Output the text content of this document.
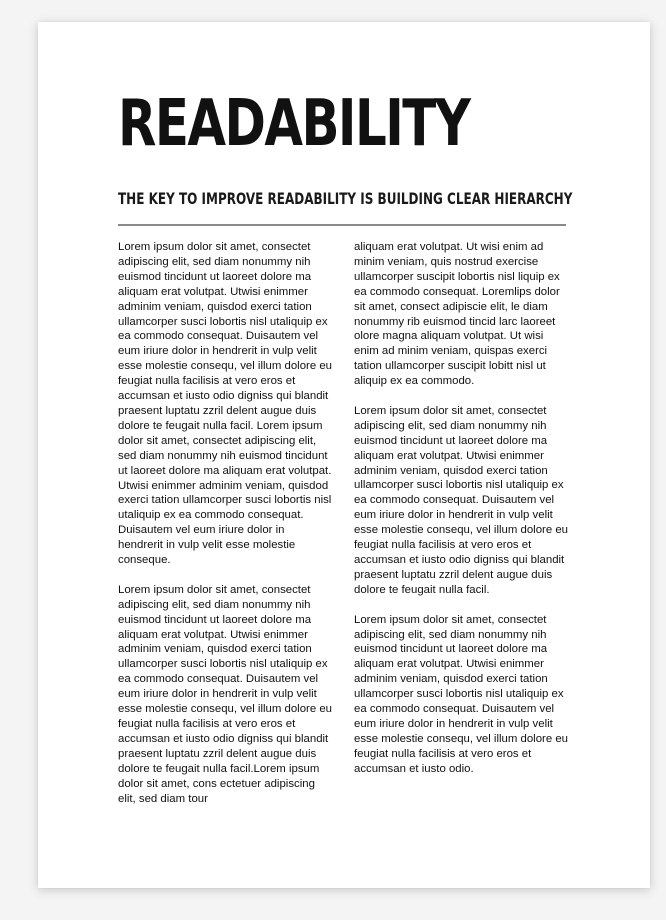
READABILITY
THE KEY TO IMPROVE READABILITY IS BUILDING CLEAR HIERARCHY

Lorem ipsum dolor sit amet, consectet adipiscing elit, sed diam nonummy nih euismod tincidunt ut laoreet dolore ma aliquam erat volutpat. Utwisi enimmer adminim veniam, quisdod exerci tation ullamcorper susci lobortis nisl utaliquip ex ea commodo consequat. Duisautem vel eum iriure dolor in hendrerit in vulp velit esse molestie consequ, vel illum dolore eu feugiat nulla facilisis at vero eros et accumsan et iusto odio digniss qui blandit praesent luptatu zzril delent augue duis dolore te feugait nulla facil. Lorem ipsum dolor sit amet, consectet adipiscing elit, sed diam nonummy nih euismod tincidunt ut laoreet dolore ma aliquam erat volutpat. Utwisi enimmer adminim veniam, quisdod exerci tation ullamcorper susci lobortis nisl utaliquip ex ea commodo consequat. Duisautem vel eum iriure dolor in hendrerit in vulp velit esse molestie conseque.

Lorem ipsum dolor sit amet, consectet adipiscing elit, sed diam nonummy nih euismod tincidunt ut laoreet dolore ma aliquam erat volutpat. Utwisi enimmer adminim veniam, quisdod exerci tation ullamcorper susci lobortis nisl utaliquip ex ea commodo consequat. Duisautem vel eum iriure dolor in hendrerit in vulp velit esse molestie consequ, vel illum dolore eu feugiat nulla facilisis at vero eros et accumsan et iusto odio digniss qui blandit praesent luptatu zzril delent augue duis dolore te feugait nulla facil.Lorem ipsum dolor sit amet, cons ectetuer adipiscing elit, sed diam tour

aliquam erat volutpat. Ut wisi enim ad minim veniam, quis nostrud exercise ullamcorper suscipit lobortis nisl liquip ex ea commodo consequat. Loremlips dolor sit amet, consect adipiscie elit, le diam nonummy rib euismod tincid larc laoreet olore magna aliquam volutpat. Ut wisi enim ad minim veniam, quispas exerci tation ullamcorper suscipit lobitt nisl ut aliquip ex ea commodo.

Lorem ipsum dolor sit amet, consectet adipiscing elit, sed diam nonummy nih euismod tincidunt ut laoreet dolore ma aliquam erat volutpat. Utwisi enimmer adminim veniam, quisdod exerci tation ullamcorper susci lobortis nisl utaliquip ex ea commodo consequat. Duisautem vel eum iriure dolor in hendrerit in vulp velit esse molestie consequ, vel illum dolore eu feugiat nulla facilisis at vero eros et accumsan et iusto odio digniss qui blandit praesent luptatu zzril delent augue duis dolore te feugait nulla facil.

Lorem ipsum dolor sit amet, consectet adipiscing elit, sed diam nonummy nih euismod tincidunt ut laoreet dolore ma aliquam erat volutpat. Utwisi enimmer adminim veniam, quisdod exerci tation ullamcorper susci lobortis nisl utaliquip ex ea commodo consequat. Duisautem vel eum iriure dolor in hendrerit in vulp velit esse molestie consequ, vel illum dolore eu feugiat nulla facilisis at vero eros et accumsan et iusto odio.
